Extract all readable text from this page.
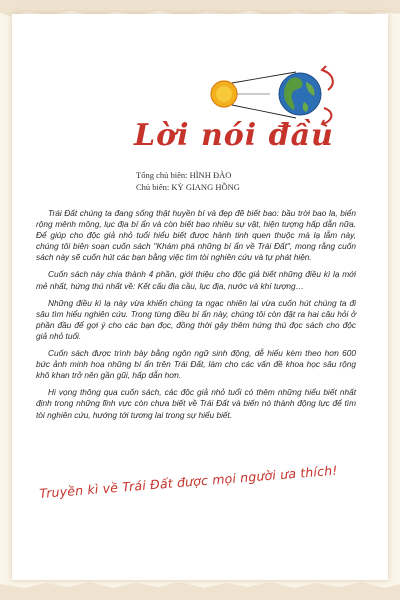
Lời nói đầu
Tổng chủ biên: HÌNH ĐÀO
Chủ biên: KỲ GIANG HỒNG

Trái Đất chúng ta đang sống thật huyền bí và đẹp đẽ biết bao: bầu trời bao la, biển rộng mênh mông, lục địa bí ẩn và còn biết bao nhiêu sự vật, hiện tượng hấp dẫn nữa. Để giúp cho độc giả nhỏ tuổi hiểu biết được hành tinh quen thuộc mà lạ lẫm này, chúng tôi biên soạn cuốn sách "Khám phá những bí ẩn về Trái Đất", mong rằng cuốn sách này sẽ cuốn hút các bạn bằng việc tìm tòi nghiên cứu và tự phát hiện.

Cuốn sách này chia thành 4 phần, giới thiệu cho độc giả biết những điều kì lạ mới mẻ nhất, hứng thú nhất về: Kết cấu địa cầu, lục địa, nước và khí tượng…

Những điều kì lạ này vừa khiến chúng ta ngạc nhiên lại vừa cuốn hút chúng ta đi sâu tìm hiểu nghiên cứu. Trong từng điều bí ẩn này, chúng tôi còn đặt ra hai câu hỏi ở phần đầu để gợi ý cho các bạn đọc, đồng thời gây thêm hứng thú đọc sách cho độc giả nhỏ tuổi.

Cuốn sách được trình bày bằng ngôn ngữ sinh động, dễ hiểu kèm theo hơn 600 bức ảnh minh hoạ những bí ẩn trên Trái Đất, làm cho các vấn đề khoa học sâu rộng khô khan trở nên gần gũi, hấp dẫn hơn.

Hi vọng thông qua cuốn sách, các độc giả nhỏ tuổi có thêm những hiểu biết nhất định trong những lĩnh vực còn chưa biết về Trái Đất và biến nó thành động lực để tìm tòi nghiên cứu, hướng tới tương lai trong sự hiểu biết.

Truyền kì về Trái Đất được mọi người ưa thích!
